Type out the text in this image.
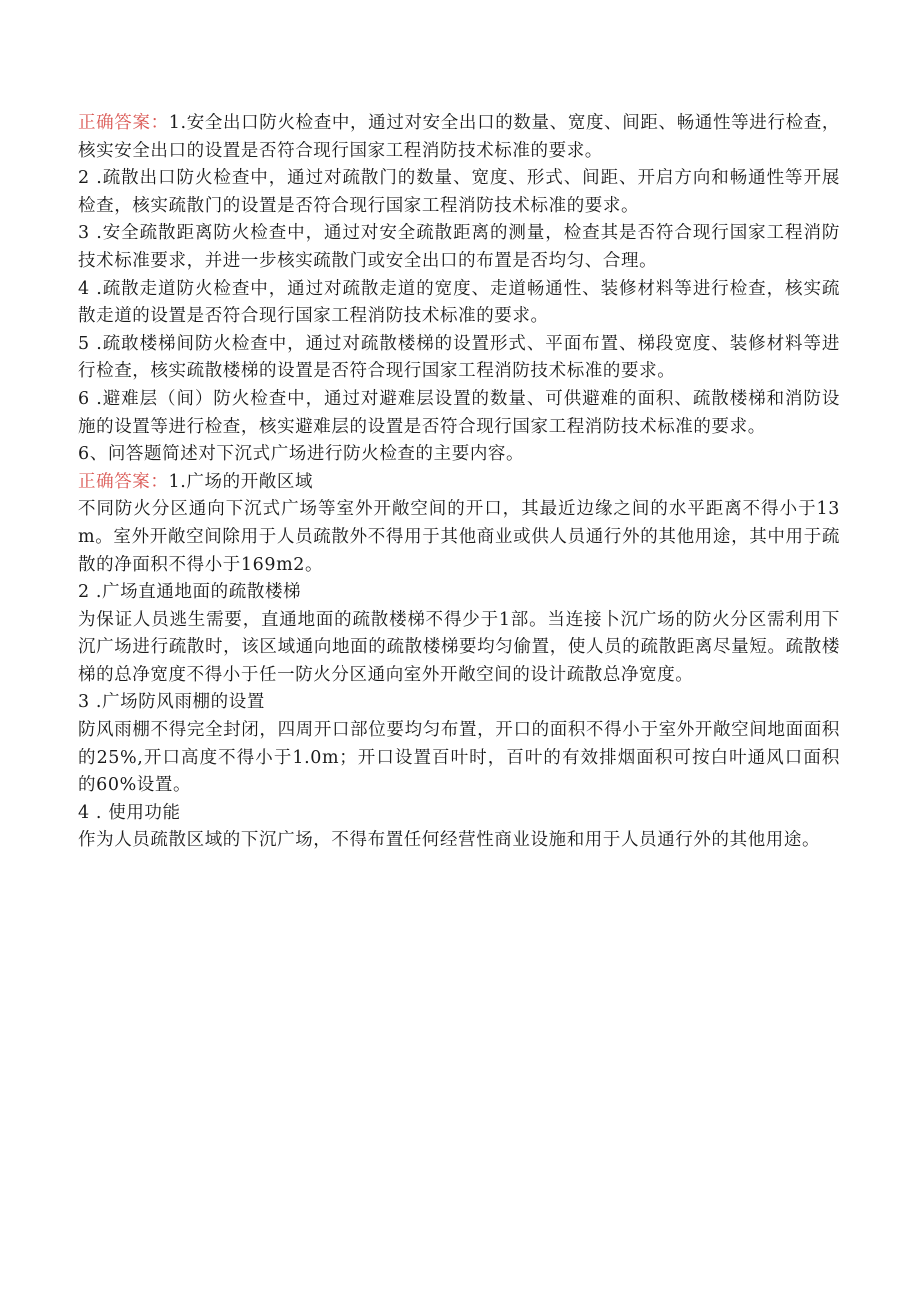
正确答案：1.安全出口防火检查中，通过对安全出口的数量、宽度、间距、畅通性等进行检查，核实安全出口的设置是否符合现行国家工程消防技术标准的要求。

2 .疏散出口防火检查中，通过对疏散门的数量、宽度、形式、间距、开启方向和畅通性等开展检查，核实疏散门的设置是否符合现行国家工程消防技术标准的要求。

3 .安全疏散距离防火检查中，通过对安全疏散距离的测量，检查其是否符合现行国家工程消防技术标准要求，并进一步核实疏散门或安全出口的布置是否均匀、合理。

4 .疏散走道防火检查中，通过对疏散走道的宽度、走道畅通性、装修材料等进行检查，核实疏散走道的设置是否符合现行国家工程消防技术标准的要求。

5 .疏敢楼梯间防火检查中，通过对疏散楼梯的设置形式、平面布置、梯段宽度、装修材料等进行检查，核实疏散楼梯的设置是否符合现行国家工程消防技术标准的要求。

6 .避难层（间）防火检查中，通过对避难层设置的数量、可供避难的面积、疏散楼梯和消防设施的设置等进行检查，核实避难层的设置是否符合现行国家工程消防技术标准的要求。

6、问答题简述对下沉式广场进行防火检查的主要内容。

正确答案：1.广场的开敞区域

不同防火分区通向下沉式广场等室外开敞空间的开口，其最近边缘之间的水平距离不得小于13m。室外开敞空间除用于人员疏散外不得用于其他商业或供人员通行外的其他用途，其中用于疏散的净面积不得小于169m2。

2 .广场直通地面的疏散楼梯

为保证人员逃生需要，直通地面的疏散楼梯不得少于1部。当连接卜沉广场的防火分区需利用下沉广场进行疏散时，该区域通向地面的疏散楼梯要均匀偷置，使人员的疏散距离尽量短。疏散楼梯的总净宽度不得小于任一防火分区通向室外开敞空间的设计疏散总净宽度。

3 .广场防风雨棚的设置

防风雨棚不得完全封闭，四周开口部位要均匀布置，开口的面积不得小于室外开敞空间地面面积的25%,开口高度不得小于1.0m；开口设置百叶时，百叶的有效排烟面积可按白叶通风口面积的60%设置。

4 . 使用功能

作为人员疏散区域的下沉广场，不得布置任何经营性商业设施和用于人员通行外的其他用途。
